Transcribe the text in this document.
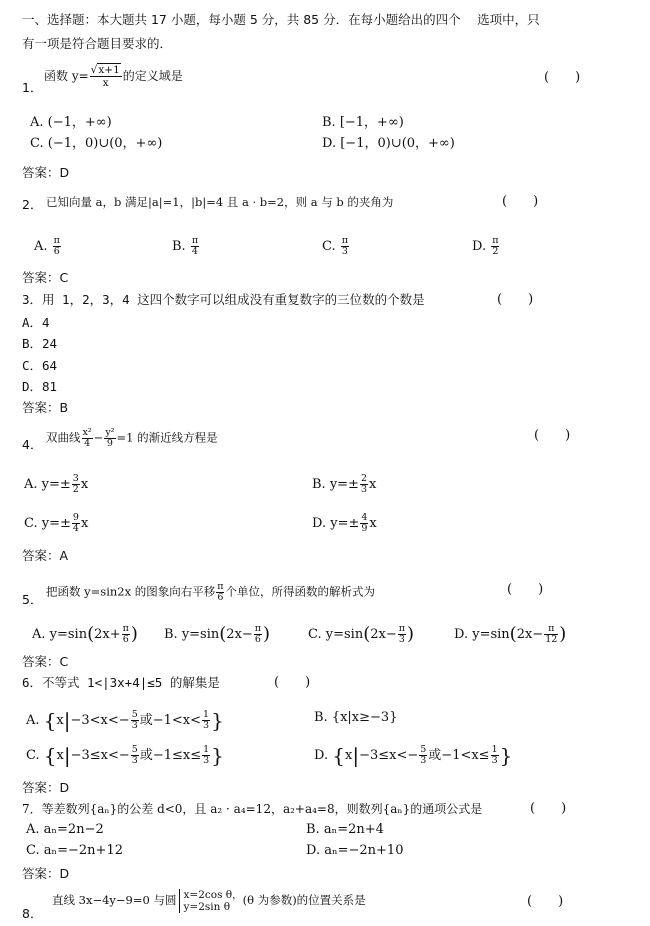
一、选择题：本大题共 17 小题，每小题 5 分，共 85 分．在每小题给出的四个　 选项中，只
有一项是符合题目要求的．
1．
函数 $y= \frac{√x+1}{x}$ 的定义域是	(　　)
A. (−1，+∞)	B. [−1，+∞)
C. (−1，0)∪(0，+∞)	D. [−1，0)∪(0，+∞)
答案：D
2． 已知向量 a，b 满足|a|=1，|b|=4 且 a · b=2，则 a 与 b 的夹角为	(　　)
A. $\frac{\pi}{6}$	B. $\frac{\pi}{4}$	C. $\frac{\pi}{3}$	D. $\frac{\pi}{2}$
答案：C
3．用 1，2，3，4 这四个数字可以组成没有重复数字的三位数的个数是	(　　)
A．4
B．24
C．64
D．81
答案：B
4． 双曲线 $\frac{\text{x²}}{4} - \frac{\text{y²}}{9} =1$ 的渐近线方程是	(　　)
A. $y=\pm \frac{3}{2}$ x	B. $y=\pm \frac{2}{3}$ x
C. $y=\pm \frac{9}{4}$ x	D. $y=\pm \frac{4}{9}$ x
答案：A
5．
把函数 y=sin2x 的图象向右平移 $\frac{\pi}{6}$ 个单位，所得函数的解析式为	(　　)
A. $y=\sin(2x+ \frac{\pi}{6}$ ) B. $y=\sin(2x- \frac{\pi}{6}$ )	C. $y=\sin(2x- \frac{\pi}{3}$ )	D. $y=\sin(2x- \frac{\pi}{12}$ )
答案：C
6．不等式 1<|3x+4|≤5 的解集是	(　　)
A. {$x|-3<x<- \frac{5}{3}$ 或$-1<x< \frac{1}{3}$ }	B. {x|x≥−3}
C. {$x|-3\le x<- \frac{5}{3}$ 或$-1\le x\le \frac{1}{3}$ }	D. {$x|-3\le x<- \frac{5}{3}$ 或$-1<x\le \frac{1}{3}$ }
答案：D
7．等差数列{aₙ}的公差 d<0，且 a₂ · a₄=12，a₂+a₄=8，则数列{aₙ}的通项公式是	(　　)
A. aₙ=2n−2	B. aₙ=2n+4
C. aₙ=−2n+12	D. aₙ=−2n+10
答案：D
8．
直线 3x−4y−9=0 与圆 x=2cos θ，
y=2sin θ	(θ 为参数)的位置关系是	(　　)
